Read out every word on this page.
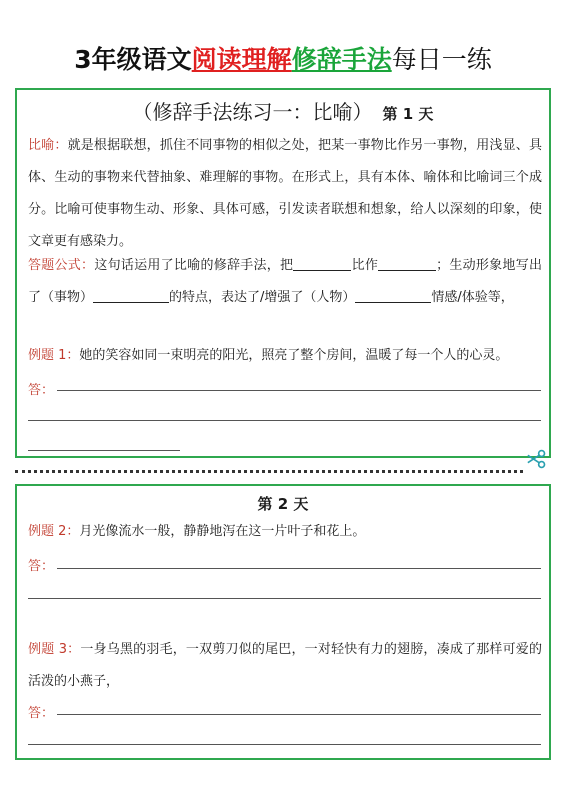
3年级语文阅读理解修辞手法每日一练
（修辞手法练习一：比喻） 第 1 天
比喻：就是根据联想，抓住不同事物的相似之处，把某一事物比作另一事物，用浅显、具体、生动的事物来代替抽象、难理解的事物。在形式上，具有本体、喻体和比喻词三个成分。比喻可使事物生动、形象、具体可感，引发读者联想和想象，给人以深刻的印象，使文章更有感染力。
答题公式：这句话运用了比喻的修辞手法，把	比作	；生动形象地写出了（事物）	的特点，表达了/增强了（人物）	情感/体验等，
例题 1：她的笑容如同一束明亮的阳光，照亮了整个房间，温暖了每一个人的心灵。
答：
第 2 天
例题 2：月光像流水一般，静静地泻在这一片叶子和花上。
答：
例题 3：一身乌黑的羽毛，一双剪刀似的尾巴，一对轻快有力的翅膀，凑成了那样可爱的活泼的小燕子，
答：
